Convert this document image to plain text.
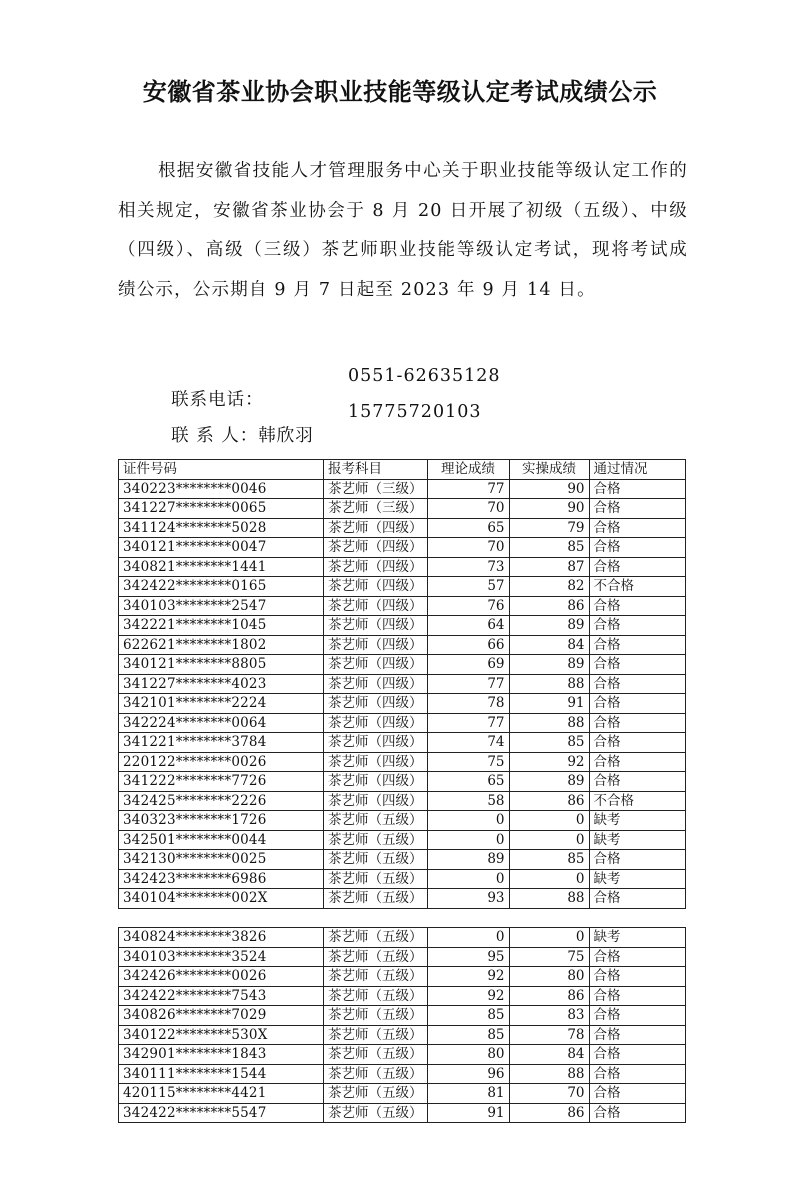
安徽省茶业协会职业技能等级认定考试成绩公示
根据安徽省技能人才管理服务中心关于职业技能等级认定工作的相关规定，安徽省茶业协会于 8 月 20 日开展了初级（五级）、中级（四级）、高级（三级）茶艺师职业技能等级认定考试，现将考试成绩公示，公示期自 9 月 7 日起至 2023 年 9 月 14 日。

联系电话：

0551-62635128

联 系 人：韩欣羽

15775720103

证件号码	报考科目	理论成绩	实操成绩	通过情况
340223********0046	茶艺师（三级）	77	90	合格
341227********0065	茶艺师（三级）	70	90	合格
341124********5028	茶艺师（四级）	65	79	合格
340121********0047	茶艺师（四级）	70	85	合格
340821********1441	茶艺师（四级）	73	87	合格
342422********0165	茶艺师（四级）	57	82	不合格
340103********2547	茶艺师（四级）	76	86	合格
342221********1045	茶艺师（四级）	64	89	合格
622621********1802	茶艺师（四级）	66	84	合格
340121********8805	茶艺师（四级）	69	89	合格
341227********4023	茶艺师（四级）	77	88	合格
342101********2224	茶艺师（四级）	78	91	合格
342224********0064	茶艺师（四级）	77	88	合格
341221********3784	茶艺师（四级）	74	85	合格
220122********0026	茶艺师（四级）	75	92	合格
341222********7726	茶艺师（四级）	65	89	合格
342425********2226	茶艺师（四级）	58	86	不合格
340323********1726	茶艺师（五级）	0	0	缺考
342501********0044	茶艺师（五级）	0	0	缺考
342130********0025	茶艺师（五级）	89	85	合格
342423********6986	茶艺师（五级）	0	0	缺考
340104********002X	茶艺师（五级）	93	88	合格
340824********3826	茶艺师（五级）	0	0	缺考
340103********3524	茶艺师（五级）	95	75	合格
342426********0026	茶艺师（五级）	92	80	合格
342422********7543	茶艺师（五级）	92	86	合格
340826********7029	茶艺师（五级）	85	83	合格
340122********530X	茶艺师（五级）	85	78	合格
342901********1843	茶艺师（五级）	80	84	合格
340111********1544	茶艺师（五级）	96	88	合格
420115********4421	茶艺师（五级）	81	70	合格
342422********5547	茶艺师（五级）	91	86	合格
